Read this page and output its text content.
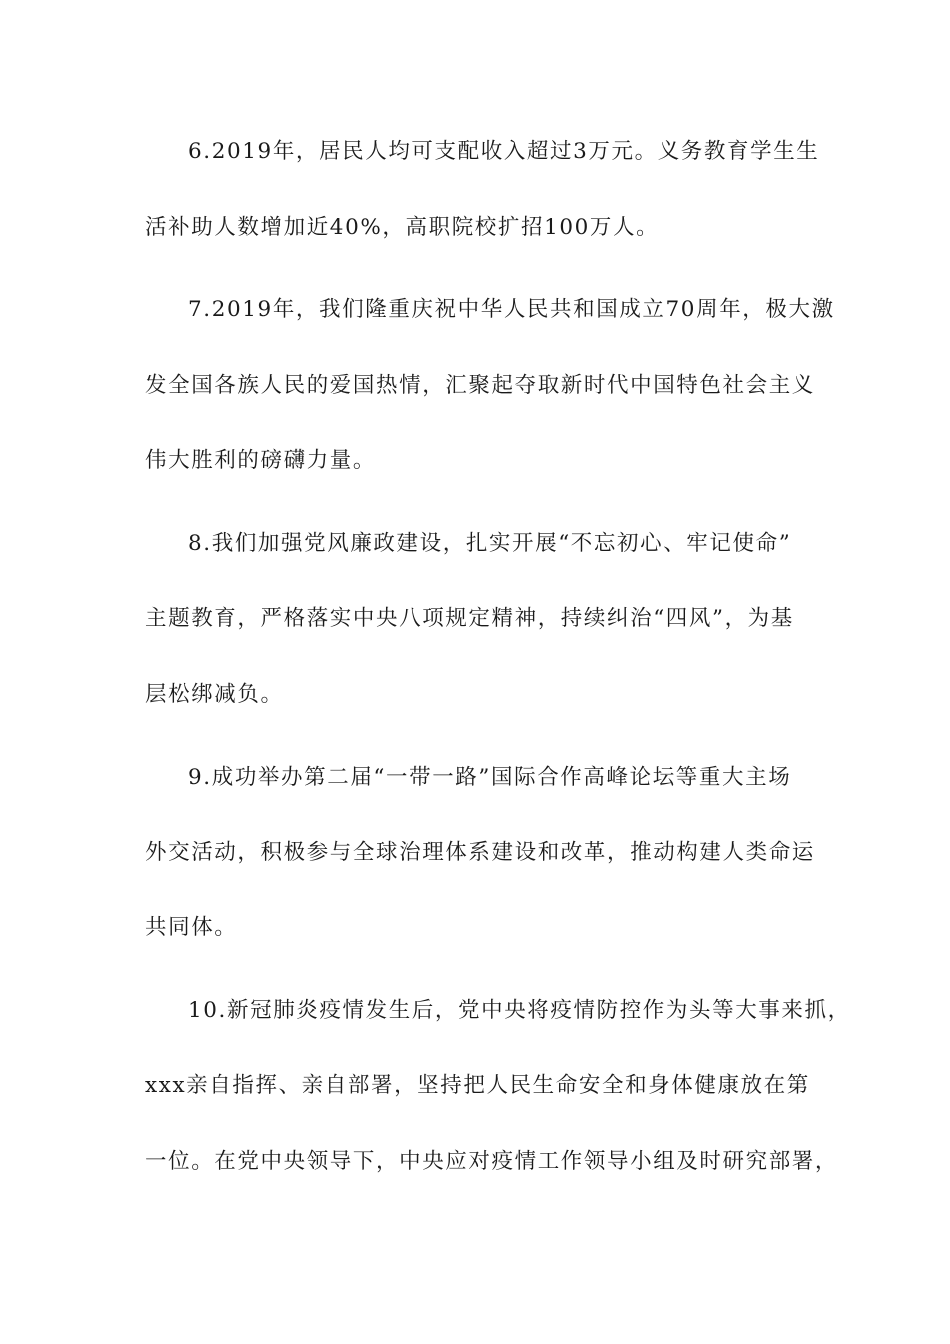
6.2019年，居民人均可支配收入超过3万元。义务教育学生生
活补助人数增加近40%，高职院校扩招100万人。
7.2019年，我们隆重庆祝中华人民共和国成立70周年，极大激
发全国各族人民的爱国热情，汇聚起夺取新时代中国特色社会主义
伟大胜利的磅礴力量。
8.我们加强党风廉政建设，扎实开展“不忘初心、牢记使命”
主题教育，严格落实中央八项规定精神，持续纠治“四风”，为基
层松绑减负。
9.成功举办第二届“一带一路”国际合作高峰论坛等重大主场
外交活动，积极参与全球治理体系建设和改革，推动构建人类命运
共同体。
10.新冠肺炎疫情发生后，党中央将疫情防控作为头等大事来抓，
xxx亲自指挥、亲自部署，坚持把人民生命安全和身体健康放在第
一位。在党中央领导下，中央应对疫情工作领导小组及时研究部署，
